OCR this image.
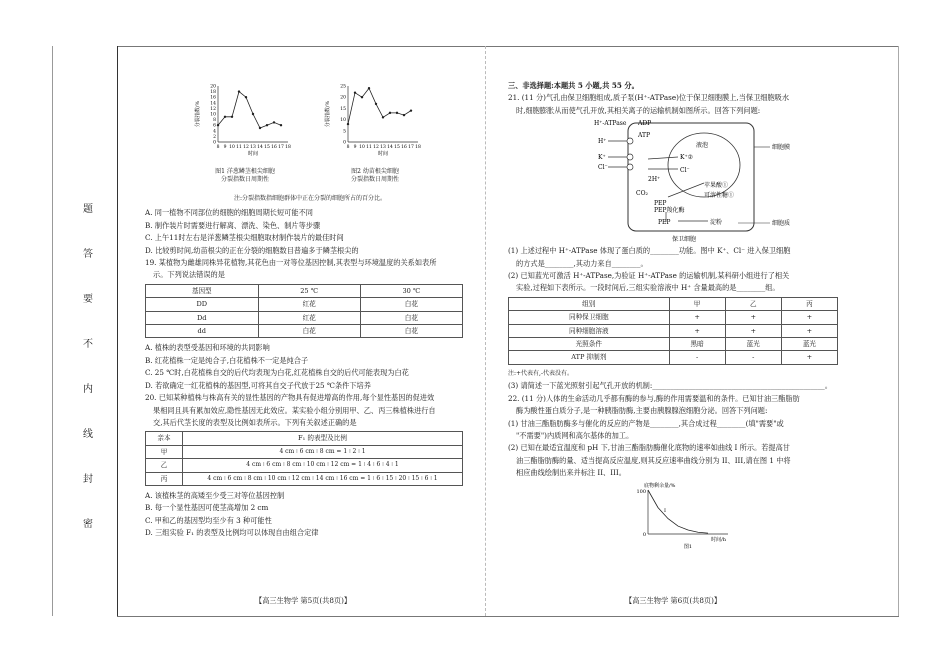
题
答
要
不
内
线
封
密
20
18
16
14
12
10
8
6
4
2
0
8 9 10 11 12 13 14 15 16 17 18
时间
分裂指数/%
图1 洋葱鳞茎根尖细胞
分裂指数日周期性
25
20
15
10
5
0
8 9 10 11 12 13 14 15 16 17 18
时间
分裂指数/%
图2 幼苗根尖细胞
分裂指数日周期性
注:分裂指数指细胞群体中正在分裂的细胞所占的百分比。
A. 同一植物不同部位的细胞的细胞周期长短可能不同
B. 制作装片时需要进行解离、漂洗、染色、制片等步骤
C. 上午11时左右是洋葱鳞茎根尖细胞取材制作装片的最佳时间
D. 比较剪时间,幼苗根尖的正在分裂的细胞数目普遍多于鳞茎根尖的
19. 某植物为雌雄同株异花植物,其花色由一对等位基因控制,其表型与环境温度的关系如表所
示。下列说法错误的是
基因型	25 ℃	30 ℃
DD	红花	白花
Dd	红花	白花
dd	白花	白花
A. 植株的表型受基因和环境的共同影响
B. 红花植株一定是纯合子,白花植株不一定是纯合子
C. 25 ℃时,白花植株自交的后代均表现为白花,红花植株自交的后代可能表现为白花
D. 若欲确定一红花植株的基因型,可将其自交子代放于25 ℃条件下培养
20. 已知某种植株与株高有关的显性基因的产物具有促进增高的作用,每个显性基因的促进效
果相同且具有累加效应,隐性基因无此效应。某实验小组分别用甲、乙、丙三株植株进行自
交,其后代茎长度的表型及比例如表所示。下列有关叙述正确的是
亲本	F₁ 的表型及比例
甲	4 cm ∶ 6 cm ∶ 8 cm = 1 ∶ 2 ∶ 1
乙	4 cm ∶ 6 cm ∶ 8 cm ∶ 10 cm ∶ 12 cm = 1 ∶ 4 ∶ 6 ∶ 4 ∶ 1
丙	4 cm ∶ 6 cm ∶ 8 cm ∶ 10 cm ∶ 12 cm ∶ 14 cm ∶ 16 cm = 1 ∶ 6 ∶ 15 ∶ 20 ∶ 15 ∶ 6 ∶ 1
A. 该植株茎的高矮至少受三对等位基因控制
B. 每一个显性基因可使茎高增加 2 cm
C. 甲和乙的基因型均至少有 3 种可能性
D. 三组实验 F₁ 的表型及比例均可以体现自由组合定律
【高三生物学 第5页(共8页)】
三、非选择题:本题共 5 小题,共 55 分。
21. (11 分)气孔由保卫细胞组成,质子泵(H⁺-ATPase)位于保卫细胞膜上,当保卫细胞吸水
时,细胞膨胀从而使气孔开放,其相关离子的运输机制如图所示。回答下列问题:
H⁺-ATPase ADP
ATP
H⁺
K⁺
Cl⁻
液泡	细胞膜
K⁺②
Cl⁻
2H⁺
苹果酸①
可溶性糖①
CO₂
PEP
PEP羧化酶
PEP	淀粉	细胞质
保卫细胞
(1) 上述过程中 H⁺-ATPase 体现了蛋白质的________功能。图中 K⁺、Cl⁻ 进入保卫细胞
的方式是________,其动力来自________。
(2) 已知蓝光可激活 H⁺-ATPase,为验证 H⁺-ATPase 的运输机制,某科研小组进行了相关
实验,过程如下表所示。一段时间后,三组实验溶液中 H⁺ 含量最高的是________组。
组别	甲	乙	丙
同种保卫细胞	+	+	+
同种细胞溶液	+	+	+
光照条件	黑暗	蓝光	蓝光
ATP 抑制剂	-	-	+
注:+代表有,-代表没有。
(3) 请简述一下蓝光照射引起气孔开放的机制:________________________________________________。
22. (11 分)人体的生命活动几乎都有酶的参与,酶的作用需要温和的条件。已知甘油三酯脂肪
酶为酸性蛋白质分子,是一种胰脂肪酶,主要由胰腺腺泡细胞分泌。回答下列问题:
(1) 甘油三酯脂肪酶多与催化的反应的产物是________,其合成过程________(填"需要"或
"不需要")内质网和高尔基体的加工。
(2) 已知在最适宜温度和 pH 下,甘油三酯脂肪酶催化底物的速率如曲线 I 所示。若提高甘
油三酯脂肪酶的量、适当提高反应温度,则其反应速率曲线分别为 II、III,请在图 1 中将
相应曲线绘制出来并标注 II、III。
底物剩余量/%
100
0
时间/h
图1
I
【高三生物学 第6页(共8页)】
